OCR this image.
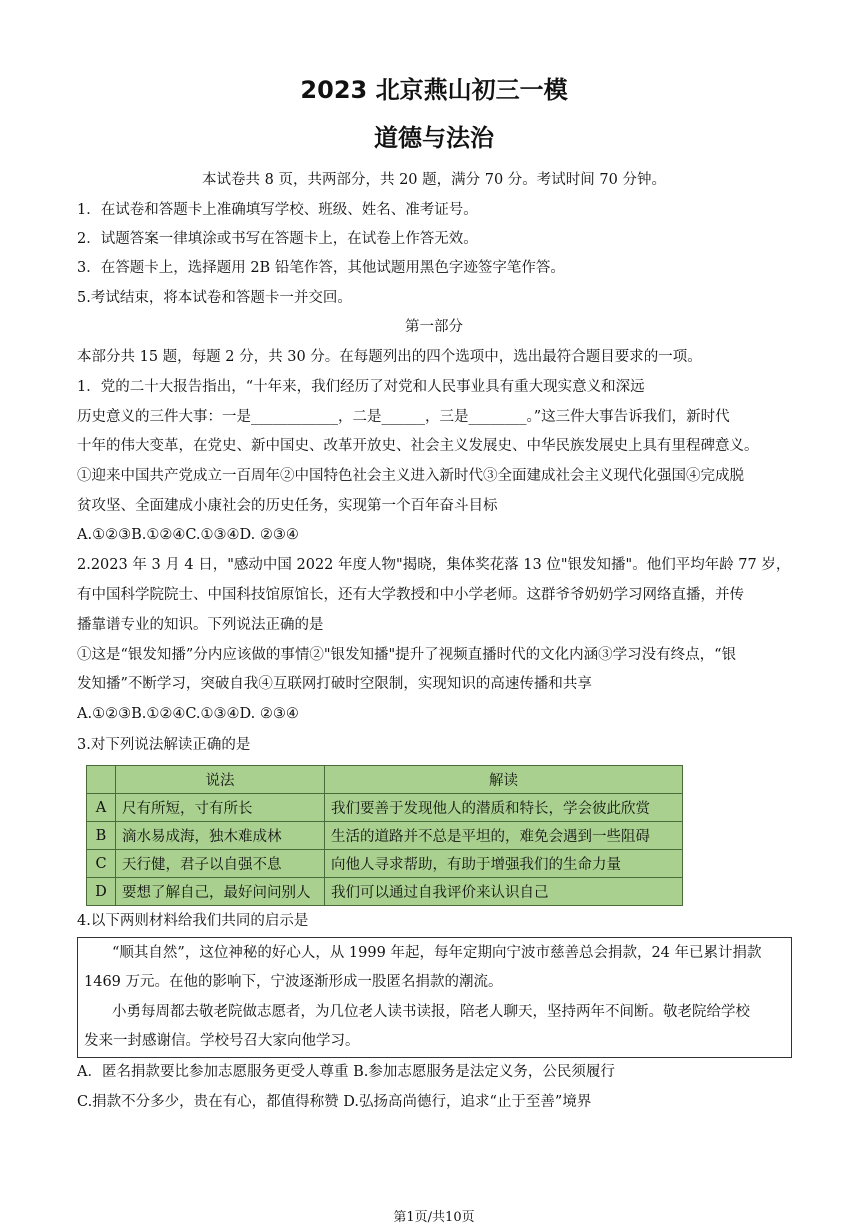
2023 北京燕山初三一模
道德与法治
本试卷共 8 页，共两部分，共 20 题，满分 70 分。考试时间 70 分钟。
1．在试卷和答题卡上准确填写学校、班级、姓名、准考证号。
2．试题答案一律填涂或书写在答题卡上，在试卷上作答无效。
3．在答题卡上，选择题用 2B 铅笔作答，其他试题用黑色字迹签字笔作答。
5.考试结束，将本试卷和答题卡一并交回。
第一部分
本部分共 15 题，每题 2 分，共 30 分。在每题列出的四个选项中，选出最符合题目要求的一项。
1．党的二十大报告指出，“十年来，我们经历了对党和人民事业具有重大现实意义和深远
历史意义的三件大事：一是____________，二是______，三是________。”这三件大事告诉我们，新时代
十年的伟大变革，在党史、新中国史、改革开放史、社会主义发展史、中华民族发展史上具有里程碑意义。
①迎来中国共产党成立一百周年②中国特色社会主义进入新时代③全面建成社会主义现代化强国④完成脱
贫攻坚、全面建成小康社会的历史任务，实现第一个百年奋斗目标
A.①②③B.①②④C.①③④D. ②③④
2.2023 年 3 月 4 日，"感动中国 2022 年度人物"揭晓，集体奖花落 13 位"银发知播"。他们平均年龄 77 岁，
有中国科学院院士、中国科技馆原馆长，还有大学教授和中小学老师。这群爷爷奶奶学习网络直播，并传
播靠谱专业的知识。下列说法正确的是
①这是“银发知播”分内应该做的事情②"银发知播"提升了视频直播时代的文化内涵③学习没有终点，“银
发知播”不断学习，突破自我④互联网打破时空限制，实现知识的高速传播和共享
A.①②③B.①②④C.①③④D. ②③④
3.对下列说法解读正确的是
	说法	解读
A	尺有所短，寸有所长	我们要善于发现他人的潜质和特长，学会彼此欣赏
B	滴水易成海，独木难成林	生活的道路并不总是平坦的，难免会遇到一些阻碍
C	天行健，君子以自强不息	向他人寻求帮助，有助于增强我们的生命力量
D	要想了解自己，最好问问别人	我们可以通过自我评价来认识自己
4.以下两则材料给我们共同的启示是
“顺其自然”，这位神秘的好心人，从 1999 年起，每年定期向宁波市慈善总会捐款，24 年已累计捐款
1469 万元。在他的影响下，宁波逐渐形成一股匿名捐款的潮流。
小勇每周都去敬老院做志愿者，为几位老人读书读报，陪老人聊天，坚持两年不间断。敬老院给学校
发来一封感谢信。学校号召大家向他学习。
A．匿名捐款要比参加志愿服务更受人尊重 B.参加志愿服务是法定义务，公民须履行
C.捐款不分多少，贵在有心，都值得称赞 D.弘扬高尚德行，追求“止于至善”境界
第1页/共10页
